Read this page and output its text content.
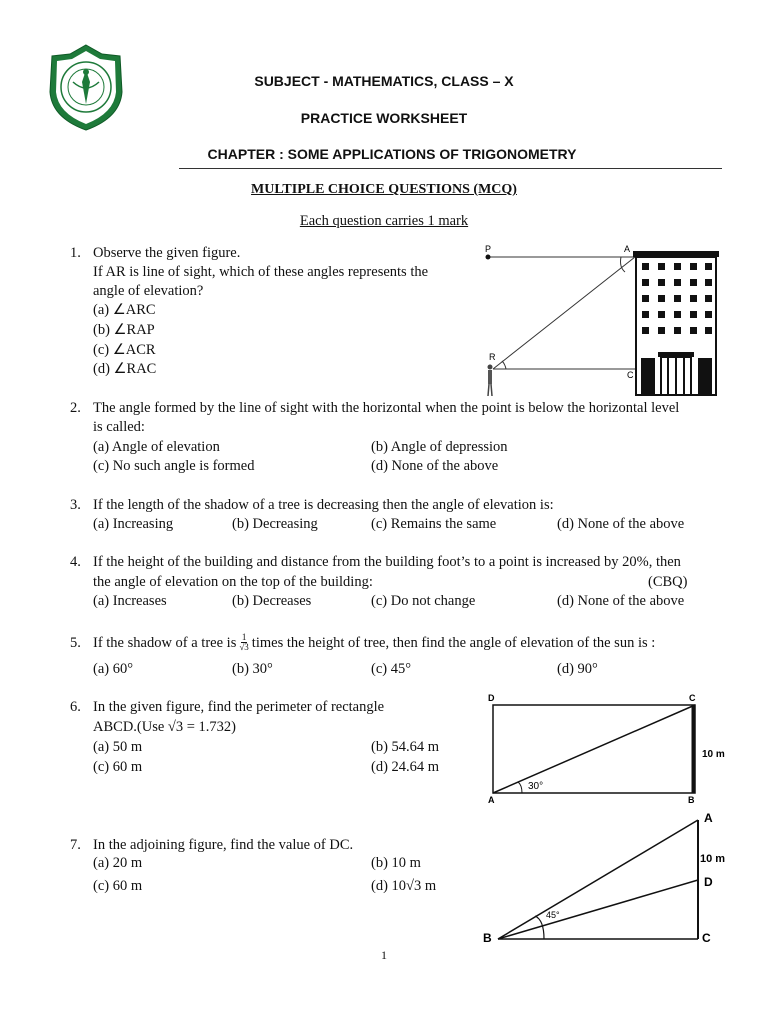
SUBJECT - MATHEMATICS, CLASS – X
PRACTICE WORKSHEET
CHAPTER : SOME APPLICATIONS OF TRIGONOMETRY
MULTIPLE CHOICE QUESTIONS (MCQ)
Each question carries 1 mark
1. Observe the given figure.
If AR is line of sight, which of these angles represents the
angle of elevation?
(a) ∠ARC
(b) ∠RAP
(c) ∠ACR
(d) ∠RAC
P	A
R
C
2. The angle formed by the line of sight with the horizontal when the point is below the horizontal level
is called:
(a) Angle of elevation	(b) Angle of depression
(c) No such angle is formed	(d) None of the above
3. If the length of the shadow of a tree is decreasing then the angle of elevation is:
(a) Increasing	(b) Decreasing	(c) Remains the same	(d) None of the above
4. If the height of the building and distance from the building foot’s to a point is increased by 20%, then
the angle of elevation on the top of the building:	(CBQ)
(a) Increases	(b) Decreases	(c) Do not change	(d) None of the above
5. If the shadow of a tree is 1
√3 times the height of tree, then find the angle of elevation of the sun is :
(a) 60°	(b) 30°	(c) 45°	(d) 90°
6. In the given figure, find the perimeter of rectangle
ABCD.(Use √3 = 1.732)
(a) 50 m	(b) 54.64 m
(c) 60 m	(d) 24.64 m
D	C
A	B
30°
10 m
7. In the adjoining figure, find the value of DC.
(a) 20 m	(b) 10 m
(c) 60 m	(d) 10√3 m
A
D
C
B
45°
10 m
1
